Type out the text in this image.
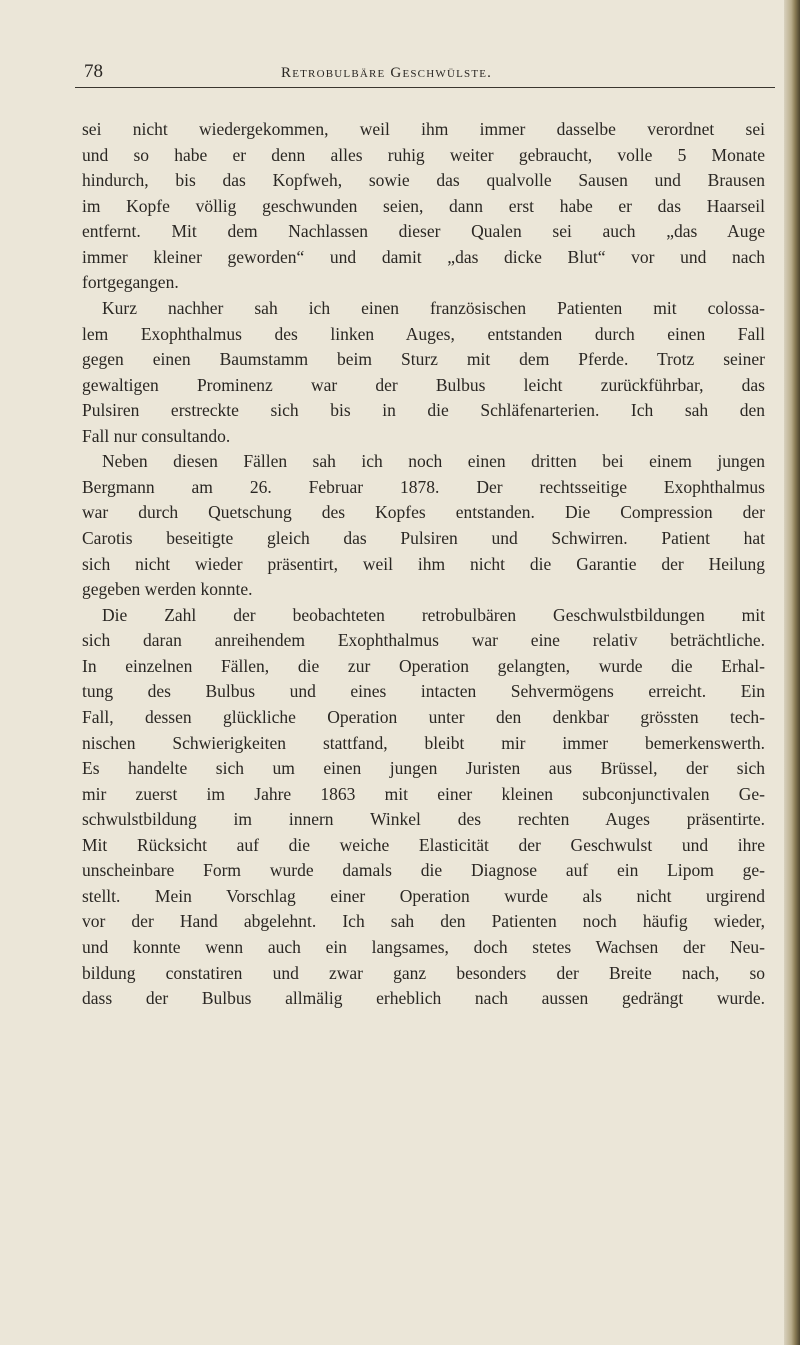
78	Retrobulbäre Geschwülste.
sei nicht wiedergekommen, weil ihm immer dasselbe verordnet sei
und so habe er denn alles ruhig weiter gebraucht, volle 5 Monate
hindurch, bis das Kopfweh, sowie das qualvolle Sausen und Brausen
im Kopfe völlig geschwunden seien, dann erst habe er das Haarseil
entfernt. Mit dem Nachlassen dieser Qualen sei auch „das Auge
immer kleiner geworden“ und damit „das dicke Blut“ vor und nach
fortgegangen.
Kurz nachher sah ich einen französischen Patienten mit colossa-
lem Exophthalmus des linken Auges, entstanden durch einen Fall
gegen einen Baumstamm beim Sturz mit dem Pferde. Trotz seiner
gewaltigen Prominenz war der Bulbus leicht zurückführbar, das
Pulsiren erstreckte sich bis in die Schläfenarterien. Ich sah den
Fall nur consultando.
Neben diesen Fällen sah ich noch einen dritten bei einem jungen
Bergmann am 26. Februar 1878. Der rechtsseitige Exophthalmus
war durch Quetschung des Kopfes entstanden. Die Compression der
Carotis beseitigte gleich das Pulsiren und Schwirren. Patient hat
sich nicht wieder präsentirt, weil ihm nicht die Garantie der Heilung
gegeben werden konnte.
Die Zahl der beobachteten retrobulbären Geschwulstbildungen mit
sich daran anreihendem Exophthalmus war eine relativ beträchtliche.
In einzelnen Fällen, die zur Operation gelangten, wurde die Erhal-
tung des Bulbus und eines intacten Sehvermögens erreicht. Ein
Fall, dessen glückliche Operation unter den denkbar grössten tech-
nischen Schwierigkeiten stattfand, bleibt mir immer bemerkenswerth.
Es handelte sich um einen jungen Juristen aus Brüssel, der sich
mir zuerst im Jahre 1863 mit einer kleinen subconjunctivalen Ge-
schwulstbildung im innern Winkel des rechten Auges präsentirte.
Mit Rücksicht auf die weiche Elasticität der Geschwulst und ihre
unscheinbare Form wurde damals die Diagnose auf ein Lipom ge-
stellt. Mein Vorschlag einer Operation wurde als nicht urgirend
vor der Hand abgelehnt. Ich sah den Patienten noch häufig wieder,
und konnte wenn auch ein langsames, doch stetes Wachsen der Neu-
bildung constatiren und zwar ganz besonders der Breite nach, so
dass der Bulbus allmälig erheblich nach aussen gedrängt wurde.
